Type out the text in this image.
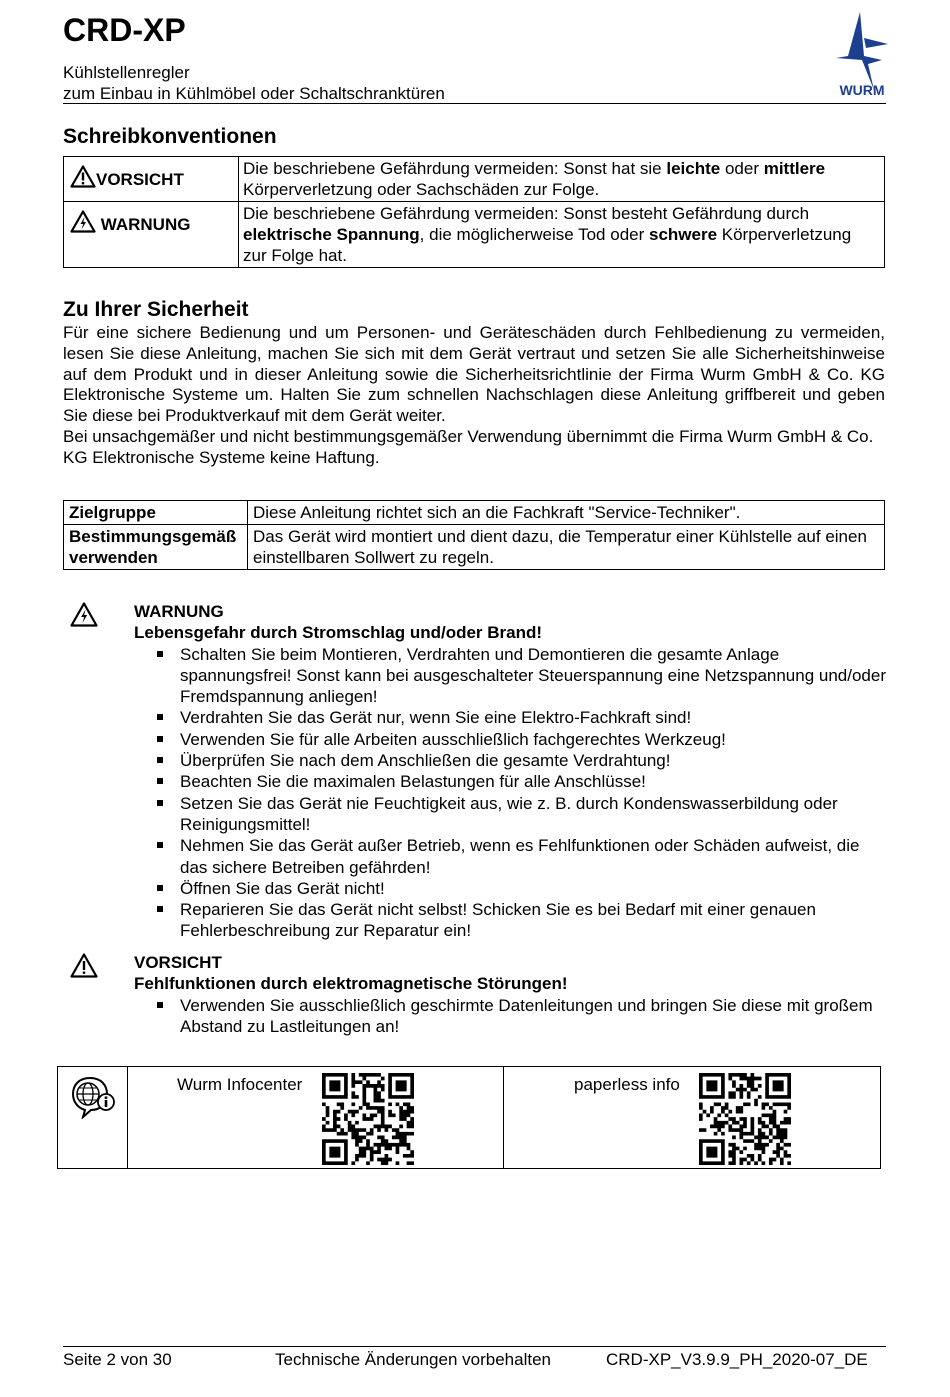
CRD-XP
Kühlstellenregler
zum Einbau in Kühlmöbel oder Schaltschranktüren	WURM
Schreibkonventionen
VORSICHT	Die beschriebene Gefährdung vermeiden: Sonst hat sie leichte oder mittlere Körperverletzung oder Sachschäden zur Folge.
WARNUNG	Die beschriebene Gefährdung vermeiden: Sonst besteht Gefährdung durch elektrische Spannung, die möglicherweise Tod oder schwere Körperverletzung zur Folge hat.
Zu Ihrer Sicherheit

Für eine sichere Bedienung und um Personen- und Geräteschäden durch Fehlbedienung zu vermeiden, lesen Sie diese Anleitung, machen Sie sich mit dem Gerät vertraut und setzen Sie alle Sicherheitshinweise auf dem Produkt und in dieser Anleitung sowie die Sicherheitsrichtlinie der Firma Wurm GmbH & Co. KG Elektronische Systeme um. Halten Sie zum schnellen Nachschlagen diese Anleitung griffbereit und geben Sie diese bei Produktverkauf mit dem Gerät weiter.

Bei unsachgemäßer und nicht bestimmungsgemäßer Verwendung übernimmt die Firma Wurm GmbH & Co. KG Elektronische Systeme keine Haftung.

Zielgruppe	Diese Anleitung richtet sich an die Fachkraft "Service-Techniker".
Bestimmungsgemäß verwenden	Das Gerät wird montiert und dient dazu, die Temperatur einer Kühlstelle auf einen einstellbaren Sollwert zu regeln.
WARNUNG
Lebensgefahr durch Stromschlag und/oder Brand!
Schalten Sie beim Montieren, Verdrahten und Demontieren die gesamte Anlage spannungsfrei! Sonst kann bei ausgeschalteter Steuerspannung eine Netzspannung und/oder Fremdspannung anliegen!
Verdrahten Sie das Gerät nur, wenn Sie eine Elektro-Fachkraft sind!
Verwenden Sie für alle Arbeiten ausschließlich fachgerechtes Werkzeug!
Überprüfen Sie nach dem Anschließen die gesamte Verdrahtung!
Beachten Sie die maximalen Belastungen für alle Anschlüsse!
Setzen Sie das Gerät nie Feuchtigkeit aus, wie z. B. durch Kondenswasserbildung oder Reinigungsmittel!
Nehmen Sie das Gerät außer Betrieb, wenn es Fehlfunktionen oder Schäden aufweist, die das sichere Betreiben gefährden!
Öffnen Sie das Gerät nicht!
Reparieren Sie das Gerät nicht selbst! Schicken Sie es bei Bedarf mit einer genauen Fehlerbeschreibung zur Reparatur ein!
VORSICHT
Fehlfunktionen durch elektromagnetische Störungen!
Verwenden Sie ausschließlich geschirmte Datenleitungen und bringen Sie diese mit großem Abstand zu Lastleitungen an!
Wurm Infocenter	paperless info
Seite 2 von 30	Technische Änderungen vorbehalten	CRD-XP_V3.9.9_PH_2020-07_DE
